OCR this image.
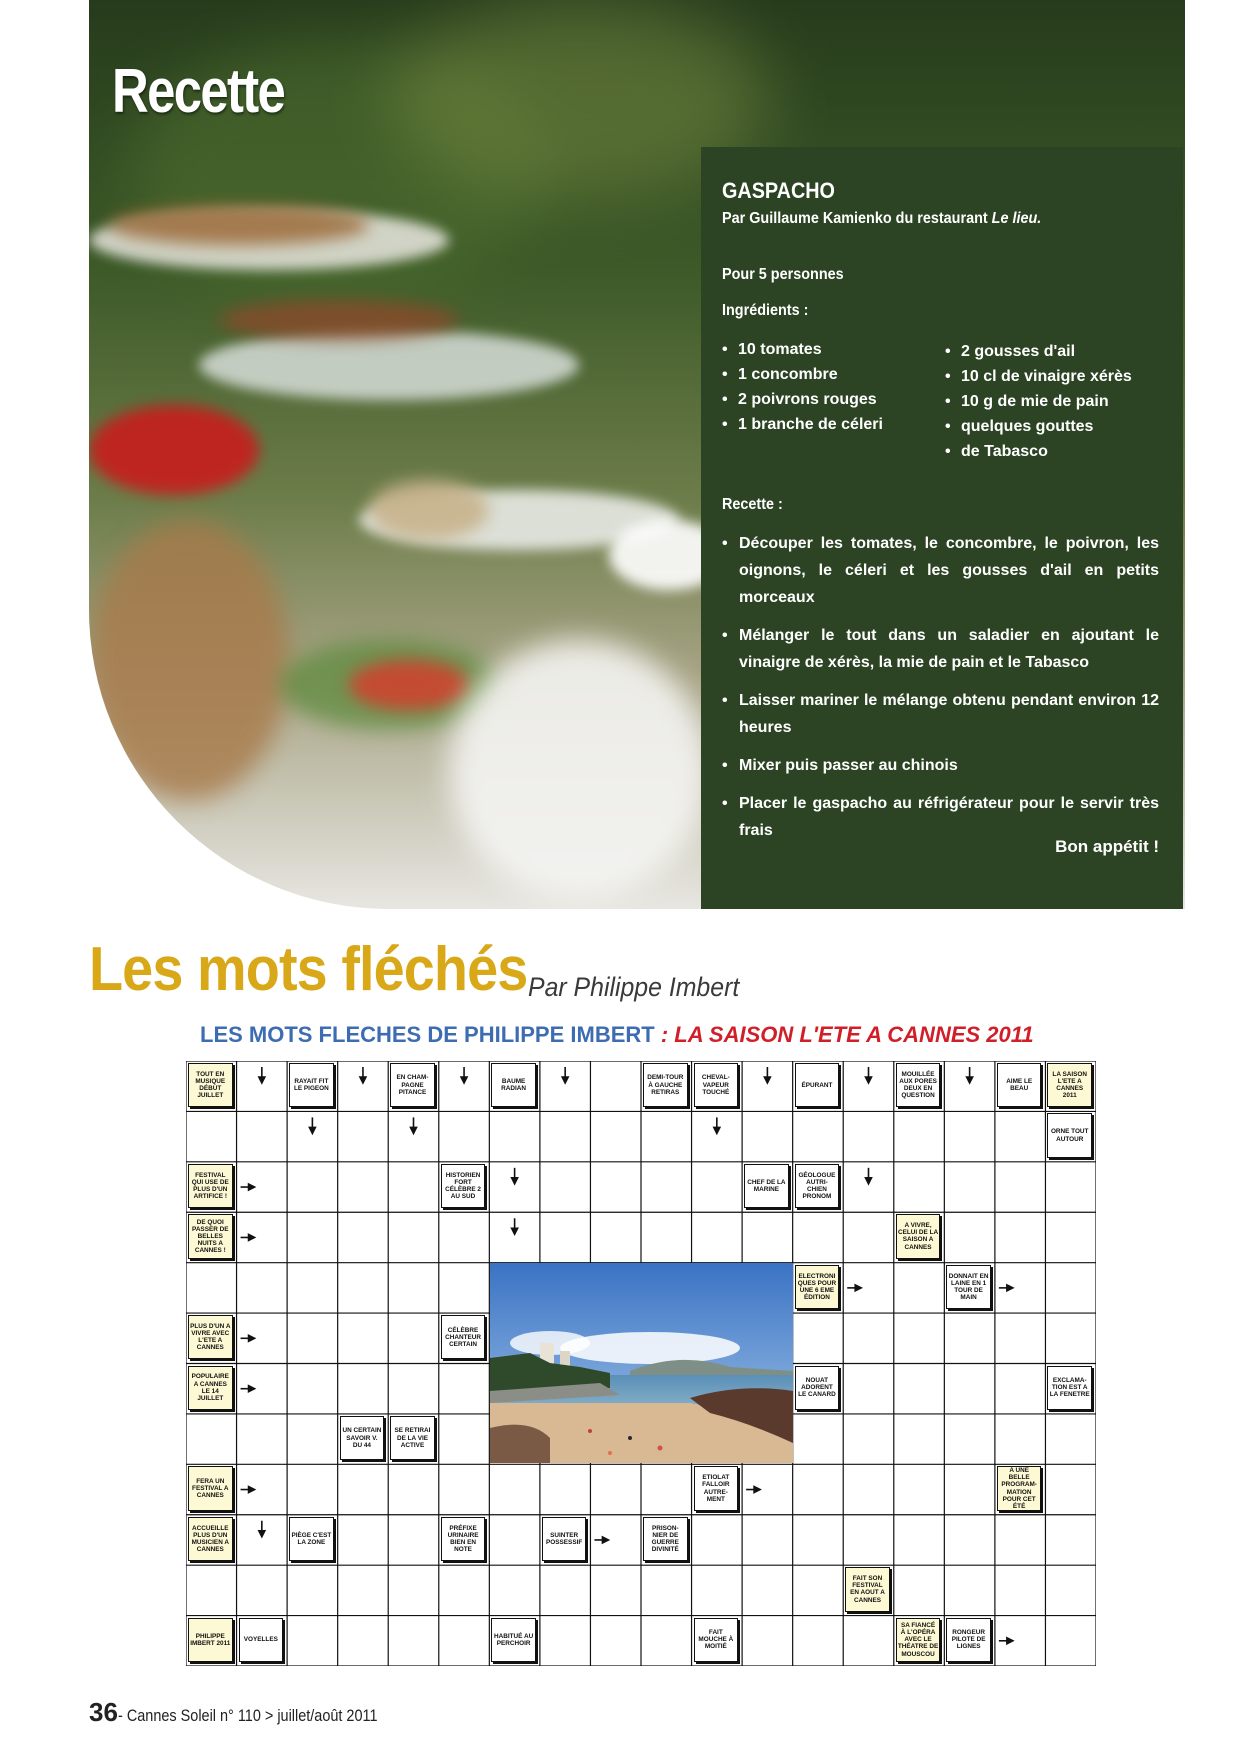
Recette
GASPACHO
Par Guillaume Kamienko du restaurant Le lieu.
Pour 5 personnes
Ingrédients :
• 10 tomates
• 1 concombre
• 2 poivrons rouges
• 1 branche de céleri
• 2 gousses d'ail
• 10 cl de vinaigre xérès
• 10 g de mie de pain
• quelques gouttes
• de Tabasco
Recette :
• Découper les tomates, le concombre, le poivron, les oignons, le céleri et les gousses d'ail en petits morceaux
• Mélanger le tout dans un saladier en ajoutant le vinaigre de xérès, la mie de pain et le Tabasco
• Laisser mariner le mélange obtenu pendant environ 12 heures
• Mixer puis passer au chinois
• Placer le gaspacho au réfrigérateur pour le servir très frais
Bon appétit !
Les mots fléchés Par Philippe Imbert
LES MOTS FLECHES DE PHILIPPE IMBERT : LA SAISON L'ETE A CANNES 2011
TOUT EN MUSIQUE DÉBUT JUILLET
RAYAIT FIT LE PIGEON
EN CHAM-PAGNE PITANCE
BAUME RADIAN
DEMI-TOUR À GAUCHE RETIRAS
CHEVAL-VAPEUR TOUCHÉ
ÉPURANT
MOUILLÉE AUX PORES DEUX EN QUESTION
AIME LE BEAU
LA SAISON L'ETE A CANNES 2011
ORNE TOUT AUTOUR
FESTIVAL QUI USE DE PLUS D'UN ARTIFICE !
HISTORIEN FORT CÉLÈBRE 2 AU SUD
CHEF DE LA MARINE
GÉOLOGUE AUTRI-CHIEN PRONOM
DE QUOI PASSER DE BELLES NUITS A CANNES !
A VIVRE, CELUI DE LA SAISON A CANNES
ELECTRONI QUES POUR UNE 6 EME ÉDITION
DONNAIT EN LAINE EN 1 TOUR DE MAIN
CÉLÈBRE CHANTEUR CERTAIN
PLUS D'UN A VIVRE AVEC L'ETE A CANNES
POPULAIRE A CANNES LE 14 JUILLET
NOUAT ADORENT LE CANARD
EXCLAMA-TION EST A LA FENETRE
UN CERTAIN SAVOIR V. DU 44
SE RETIRAI DE LA VIE ACTIVE
FERA UN FESTIVAL A CANNES
ETIOLAT FALLOIR AUTRE-MENT
A UNE BELLE PROGRAM-MATION POUR CET ÉTÉ
ACCUEILLE PLUS D'UN MUSICIEN A CANNES
PIÈGE C'EST LA ZONE
PRÉFIXE URINAIRE BIEN EN NOTE
SUINTER POSSESSIF
PRISON-NIER DE GUERRE DIVINITÉ
FAIT SON FESTIVAL EN AOUT A CANNES
PHILIPPE IMBERT 2011
VOYELLES
HABITUÉ AU PERCHOIR
FAIT MOUCHE À MOITIÉ
SA FIANCÉ À L'OPÉRA AVEC LE THÉATRE DE MOUSCOU
RONGEUR PILOTE DE LIGNES
36- Cannes Soleil n° 110 > juillet/août 2011
